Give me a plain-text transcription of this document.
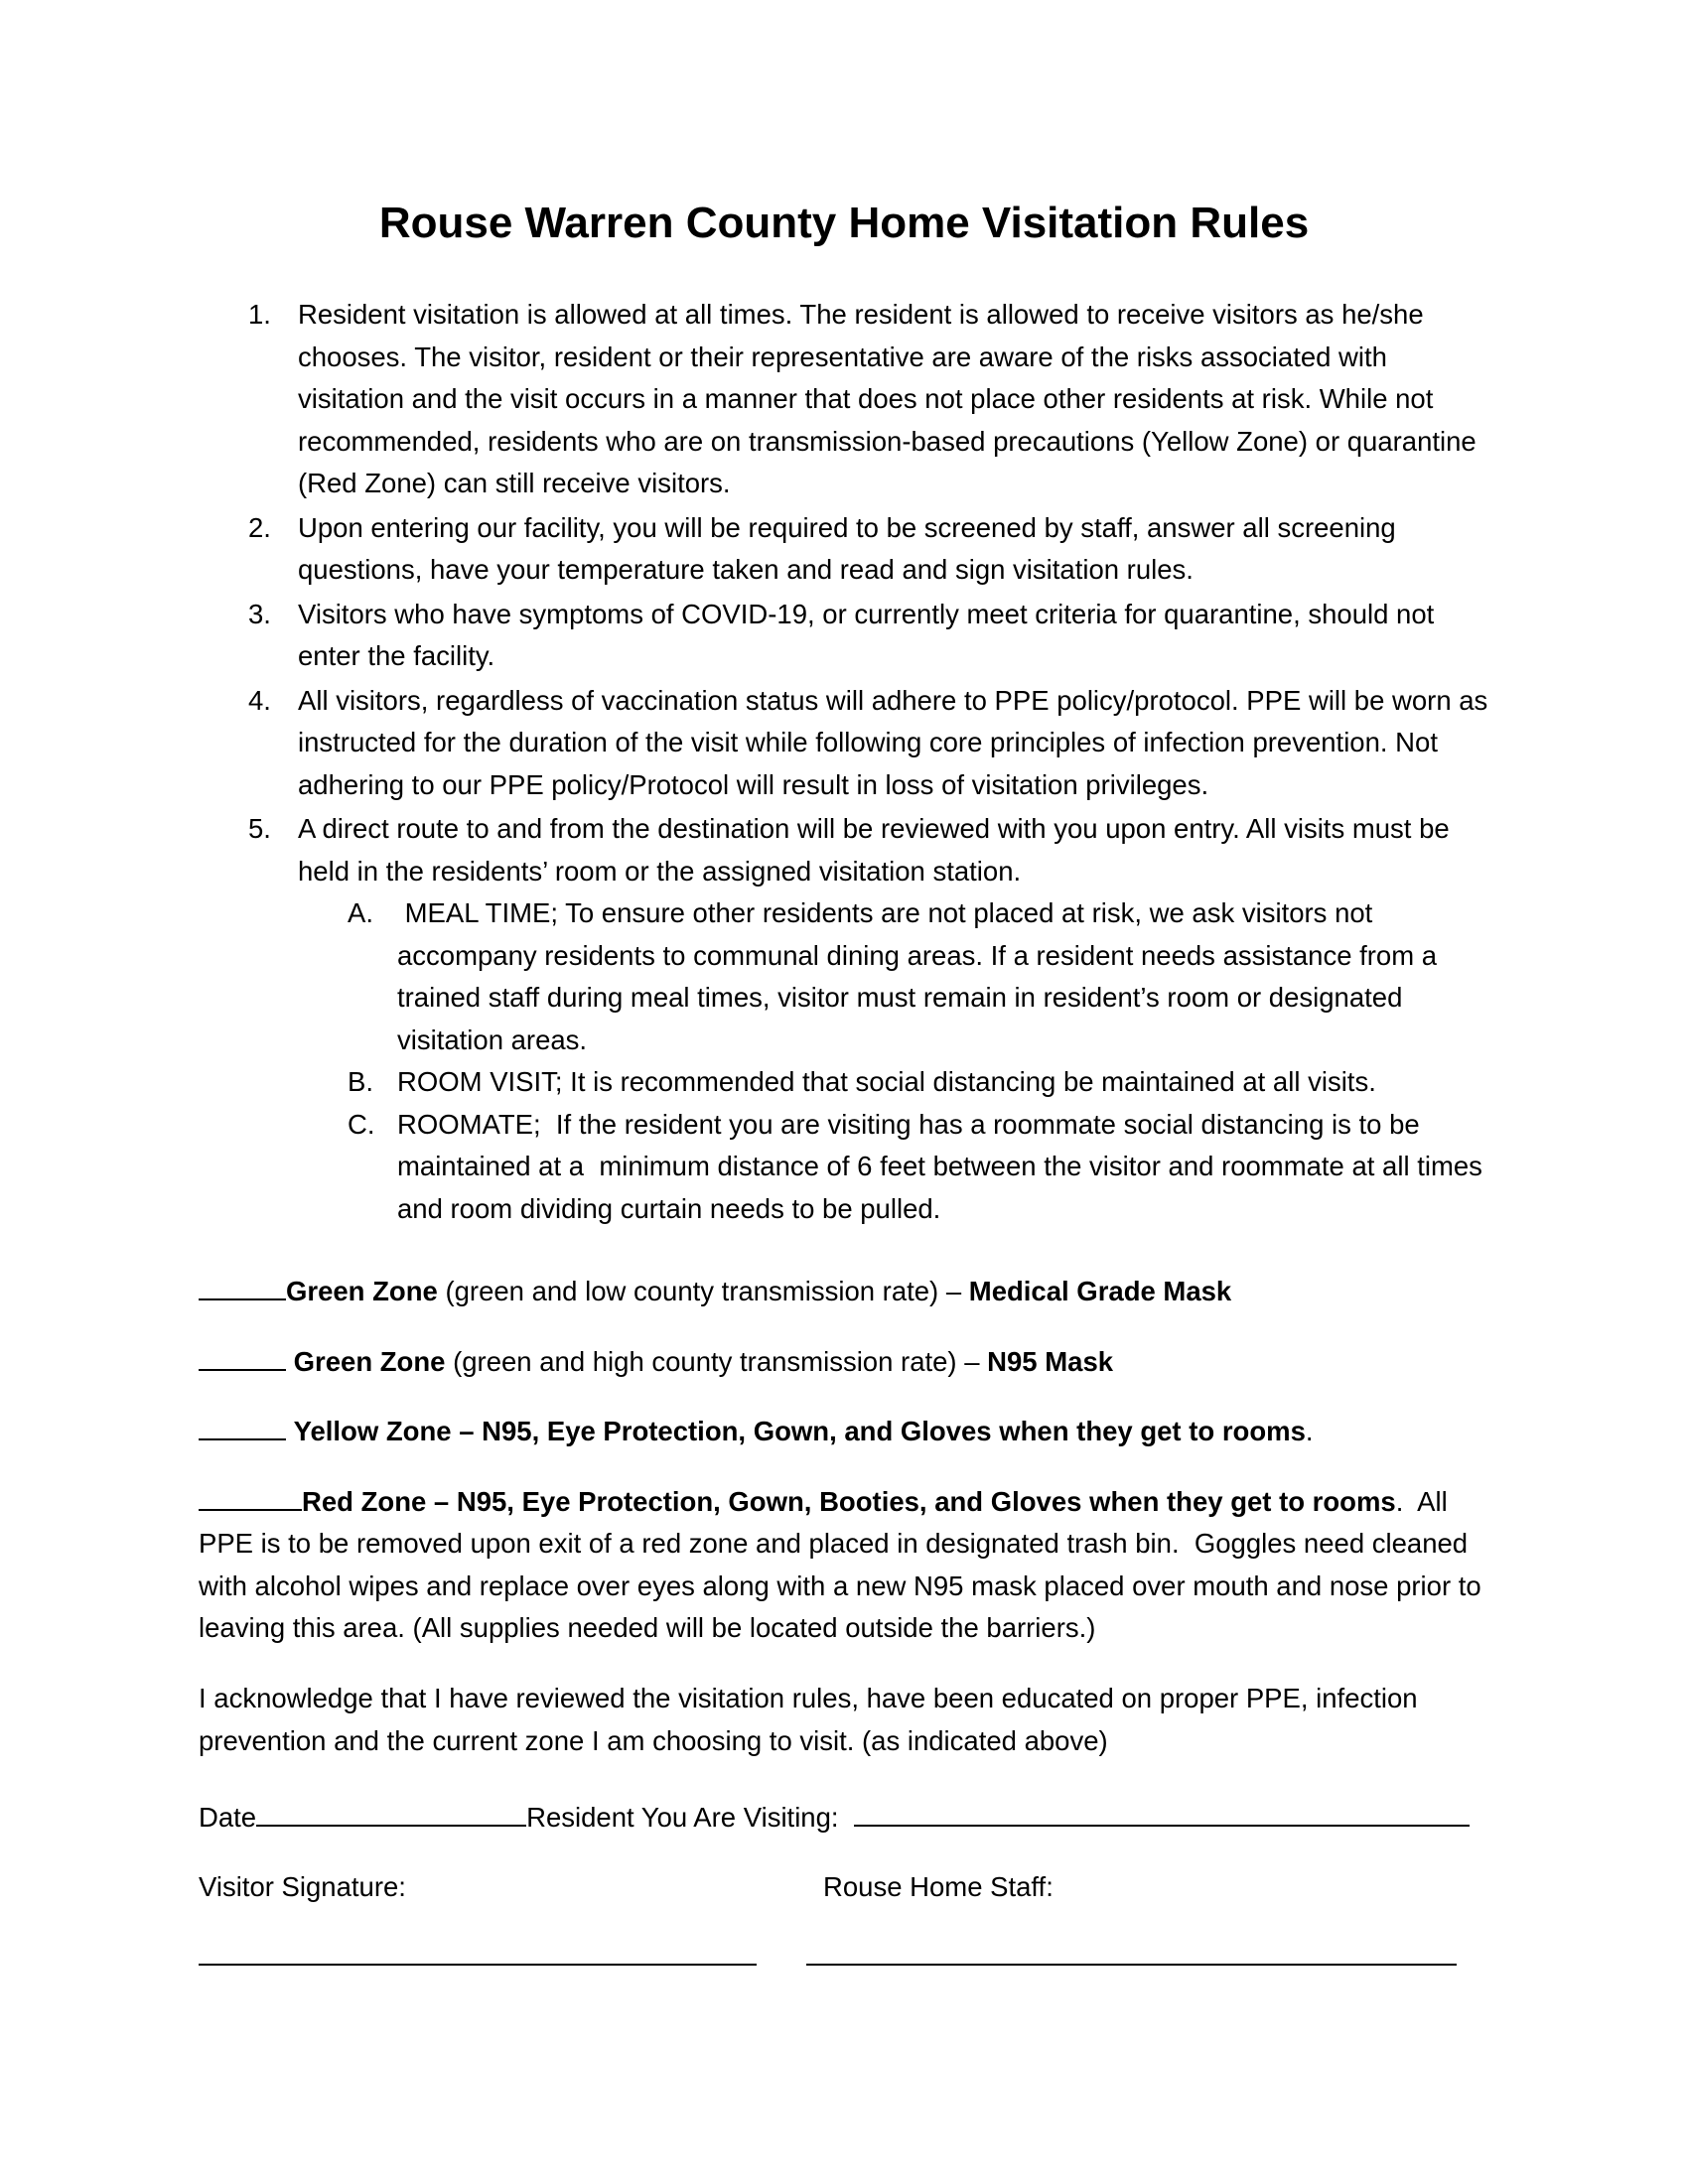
Rouse Warren County Home Visitation Rules
1. Resident visitation is allowed at all times. The resident is allowed to receive visitors as he/she chooses. The visitor, resident or their representative are aware of the risks associated with visitation and the visit occurs in a manner that does not place other residents at risk. While not recommended, residents who are on transmission-based precautions (Yellow Zone) or quarantine (Red Zone) can still receive visitors.
2. Upon entering our facility, you will be required to be screened by staff, answer all screening questions, have your temperature taken and read and sign visitation rules.
3. Visitors who have symptoms of COVID-19, or currently meet criteria for quarantine, should not enter the facility.
4. All visitors, regardless of vaccination status will adhere to PPE policy/protocol. PPE will be worn as instructed for the duration of the visit while following core principles of infection prevention. Not adhering to our PPE policy/Protocol will result in loss of visitation privileges.
5. A direct route to and from the destination will be reviewed with you upon entry. All visits must be held in the residents’ room or the assigned visitation station.
A. MEAL TIME; To ensure other residents are not placed at risk, we ask visitors not accompany residents to communal dining areas. If a resident needs assistance from a trained staff during meal times, visitor must remain in resident’s room or designated visitation areas.
B. ROOM VISIT; It is recommended that social distancing be maintained at all visits.
C. ROOMATE;  If the resident you are visiting has a roommate social distancing is to be maintained at a  minimum distance of 6 feet between the visitor and roommate at all times and room dividing curtain needs to be pulled.

Green Zone (green and low county transmission rate) – Medical Grade Mask

Green Zone (green and high county transmission rate) – N95 Mask

Yellow Zone – N95, Eye Protection, Gown, and Gloves when they get to rooms.

Red Zone – N95, Eye Protection, Gown, Booties, and Gloves when they get to rooms.  All PPE is to be removed upon exit of a red zone and placed in designated trash bin.  Goggles need cleaned with alcohol wipes and replace over eyes along with a new N95 mask placed over mouth and nose prior to leaving this area. (All supplies needed will be located outside the barriers.)

I acknowledge that I have reviewed the visitation rules, have been educated on proper PPE, infection prevention and the current zone I am choosing to visit. (as indicated above)

Date	Resident You Are Visiting:
Visitor Signature:	Rouse Home Staff:
